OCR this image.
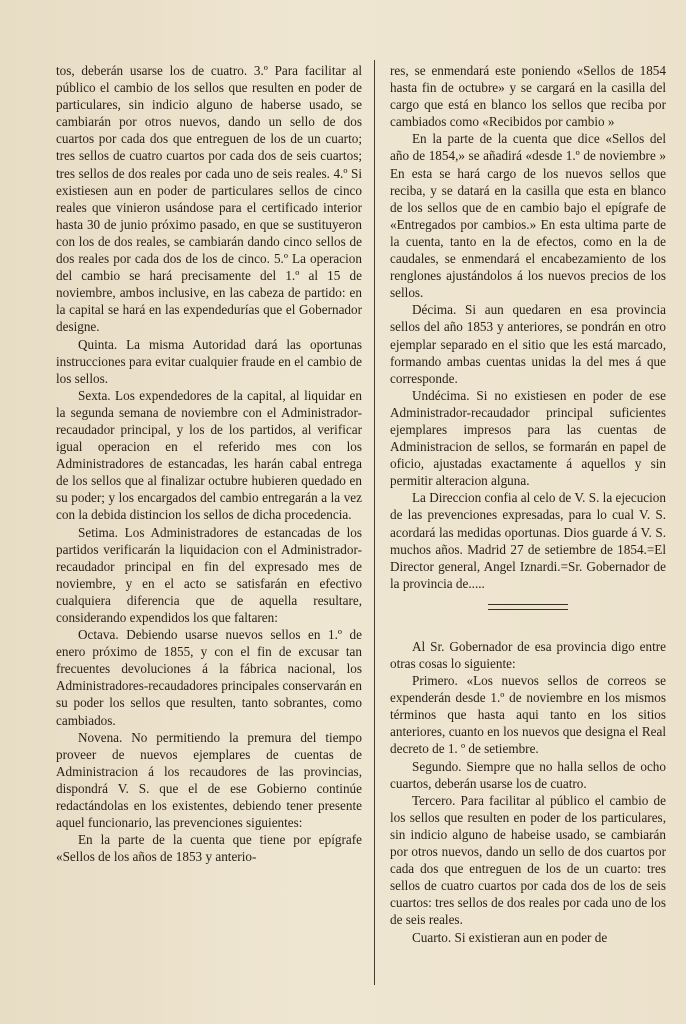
tos, deberán usarse los de cuatro. 3.º Para facilitar al público el cambio de los sellos que resulten en poder de particulares, sin indicio alguno de haberse usado, se cambiarán por otros nuevos, dando un sello de dos cuartos por cada dos que entreguen de los de un cuarto; tres sellos de cuatro cuartos por cada dos de seis cuartos; tres sellos de dos reales por cada uno de seis reales. 4.º Si existiesen aun en poder de particulares sellos de cinco reales que vinieron usándose para el certificado interior hasta 30 de junio próximo pasado, en que se sustituyeron con los de dos reales, se cambiarán dando cinco sellos de dos reales por cada dos de los de cinco. 5.º La operacion del cambio se hará precisamente del 1.º al 15 de noviembre, ambos inclusive, en las cabeza de partido: en la capital se hará en las expendedurías que el Gobernador designe.

Quinta. La misma Autoridad dará las oportunas instrucciones para evitar cualquier fraude en el cambio de los sellos.

Sexta. Los expendedores de la capital, al liquidar en la segunda semana de noviembre con el Administrador-recaudador principal, y los de los partidos, al verificar igual operacion en el referido mes con los Administradores de estancadas, les harán cabal entrega de los sellos que al finalizar octubre hubieren quedado en su poder; y los encargados del cambio entregarán a la vez con la debida distincion los sellos de dicha procedencia.

Setima. Los Administradores de estancadas de los partidos verificarán la liquidacion con el Administrador-recaudador principal en fin del expresado mes de noviembre, y en el acto se satisfarán en efectivo cualquiera diferencia que de aquella resultare, considerando expendidos los que faltaren:

Octava. Debiendo usarse nuevos sellos en 1.º de enero próximo de 1855, y con el fin de excusar tan frecuentes devoluciones á la fábrica nacional, los Administradores-recaudadores principales conservarán en su poder los sellos que resulten, tanto sobrantes, como cambiados.

Novena. No permitiendo la premura del tiempo proveer de nuevos ejemplares de cuentas de Administracion á los recaudores de las provincias, dispondrá V. S. que el de ese Gobierno continúe redactándolas en los existentes, debiendo tener presente aquel funcionario, las prevenciones siguientes:

En la parte de la cuenta que tiene por epígrafe «Sellos de los años de 1853 y anterio-

res, se enmendará este poniendo «Sellos de 1854 hasta fin de octubre» y se cargará en la casilla del cargo que está en blanco los sellos que reciba por cambiados como «Recibidos por cambio »

En la parte de la cuenta que dice «Sellos del año de 1854,» se añadirá «desde 1.º de noviembre » En esta se hará cargo de los nuevos sellos que reciba, y se datará en la casilla que esta en blanco de los sellos que de en cambio bajo el epígrafe de «Entregados por cambios.» En esta ultima parte de la cuenta, tanto en la de efectos, como en la de caudales, se enmendará el encabezamiento de los renglones ajustándolos á los nuevos precios de los sellos.

Décima. Si aun quedaren en esa provincia sellos del año 1853 y anteriores, se pondrán en otro ejemplar separado en el sitio que les está marcado, formando ambas cuentas unidas la del mes á que corresponde.

Undécima. Si no existiesen en poder de ese Administrador-recaudador principal suficientes ejemplares impresos para las cuentas de Administracion de sellos, se formarán en papel de oficio, ajustadas exactamente á aquellos y sin permitir alteracion alguna.

La Direccion confia al celo de V. S. la ejecucion de las prevenciones expresadas, para lo cual V. S. acordará las medidas oportunas. Dios guarde á V. S. muchos años. Madrid 27 de setiembre de 1854.=El Director general, Angel Iznardi.=Sr. Gobernador de la provincia de.....

Al Sr. Gobernador de esa provincia digo entre otras cosas lo siguiente:

Primero. «Los nuevos sellos de correos se expenderán desde 1.º de noviembre en los mismos términos que hasta aqui tanto en los sitios anteriores, cuanto en los nuevos que designa el Real decreto de 1. º de setiembre.

Segundo. Siempre que no halla sellos de ocho cuartos, deberán usarse los de cuatro.

Tercero. Para facilitar al público el cambio de los sellos que resulten en poder de los particulares, sin indicio alguno de habeise usado, se cambiarán por otros nuevos, dando un sello de dos cuartos por cada dos que entreguen de los de un cuarto: tres sellos de cuatro cuartos por cada dos de los de seis cuartos: tres sellos de dos reales por cada uno de los de seis reales.

Cuarto. Si existieran aun en poder de
